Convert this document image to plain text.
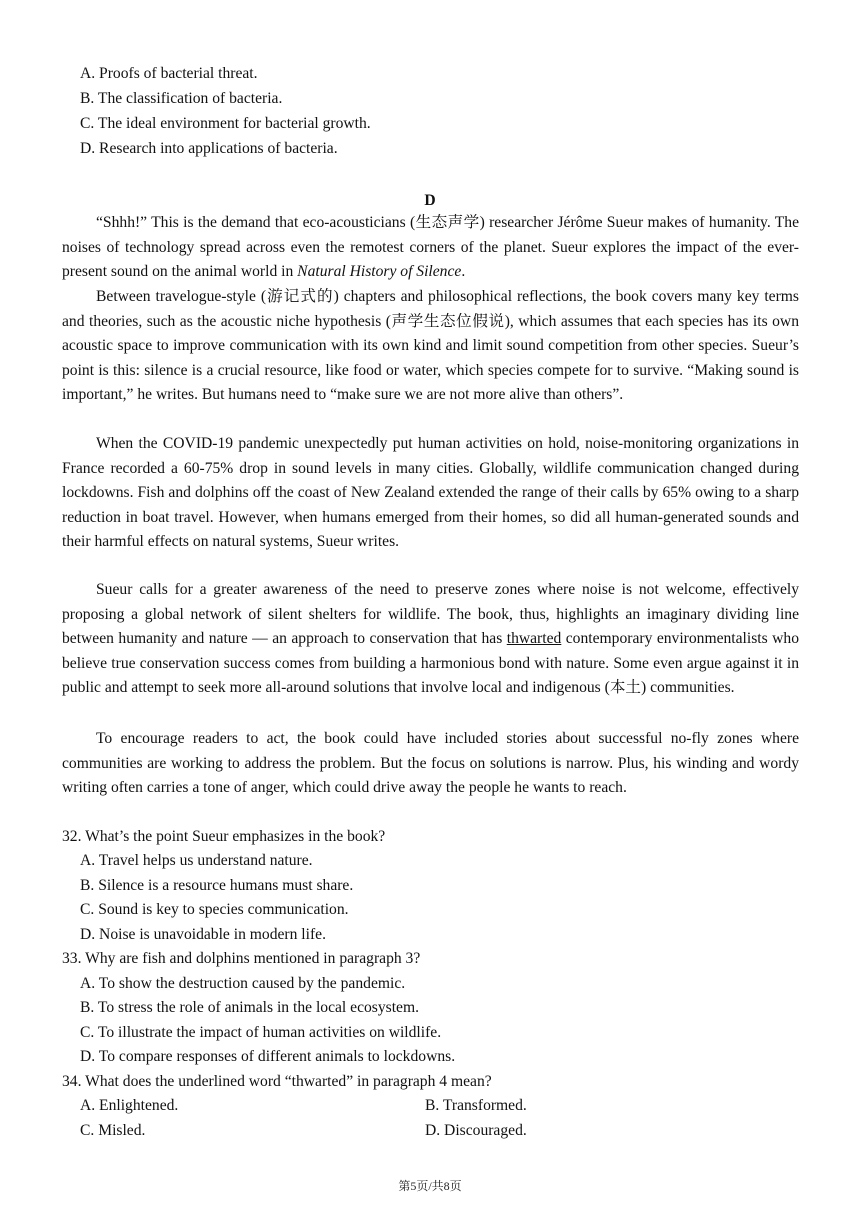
A. Proofs of bacterial threat.
B. The classification of bacteria.
C. The ideal environment for bacterial growth.
D. Research into applications of bacteria.
D
“Shhh!” This is the demand that eco-acousticians (生态声学) researcher Jérôme Sueur makes of humanity. The noises of technology spread across even the remotest corners of the planet. Sueur explores the impact of the ever-present sound on the animal world in Natural History of Silence.
Between travelogue-style (游记式的) chapters and philosophical reflections, the book covers many key terms and theories, such as the acoustic niche hypothesis (声学生态位假说), which assumes that each species has its own acoustic space to improve communication with its own kind and limit sound competition from other species. Sueur’s point is this: silence is a crucial resource, like food or water, which species compete for to survive. “Making sound is important,” he writes. But humans need to “make sure we are not more alive than others”.
When the COVID-19 pandemic unexpectedly put human activities on hold, noise-monitoring organizations in France recorded a 60-75% drop in sound levels in many cities. Globally, wildlife communication changed during lockdowns. Fish and dolphins off the coast of New Zealand extended the range of their calls by 65% owing to a sharp reduction in boat travel. However, when humans emerged from their homes, so did all human-generated sounds and their harmful effects on natural systems, Sueur writes.
Sueur calls for a greater awareness of the need to preserve zones where noise is not welcome, effectively proposing a global network of silent shelters for wildlife. The book, thus, highlights an imaginary dividing line between humanity and nature — an approach to conservation that has thwarted contemporary environmentalists who believe true conservation success comes from building a harmonious bond with nature. Some even argue against it in public and attempt to seek more all-around solutions that involve local and indigenous (本土) communities.
To encourage readers to act, the book could have included stories about successful no-fly zones where communities are working to address the problem. But the focus on solutions is narrow. Plus, his winding and wordy writing often carries a tone of anger, which could drive away the people he wants to reach.
32. What’s the point Sueur emphasizes in the book?
A. Travel helps us understand nature.
B. Silence is a resource humans must share.
C. Sound is key to species communication.
D. Noise is unavoidable in modern life.
33. Why are fish and dolphins mentioned in paragraph 3?
A. To show the destruction caused by the pandemic.
B. To stress the role of animals in the local ecosystem.
C. To illustrate the impact of human activities on wildlife.
D. To compare responses of different animals to lockdowns.
34. What does the underlined word “thwarted” in paragraph 4 mean?
A. Enlightened.	B. Transformed.
C. Misled.	D. Discouraged.
第5页/共8页
